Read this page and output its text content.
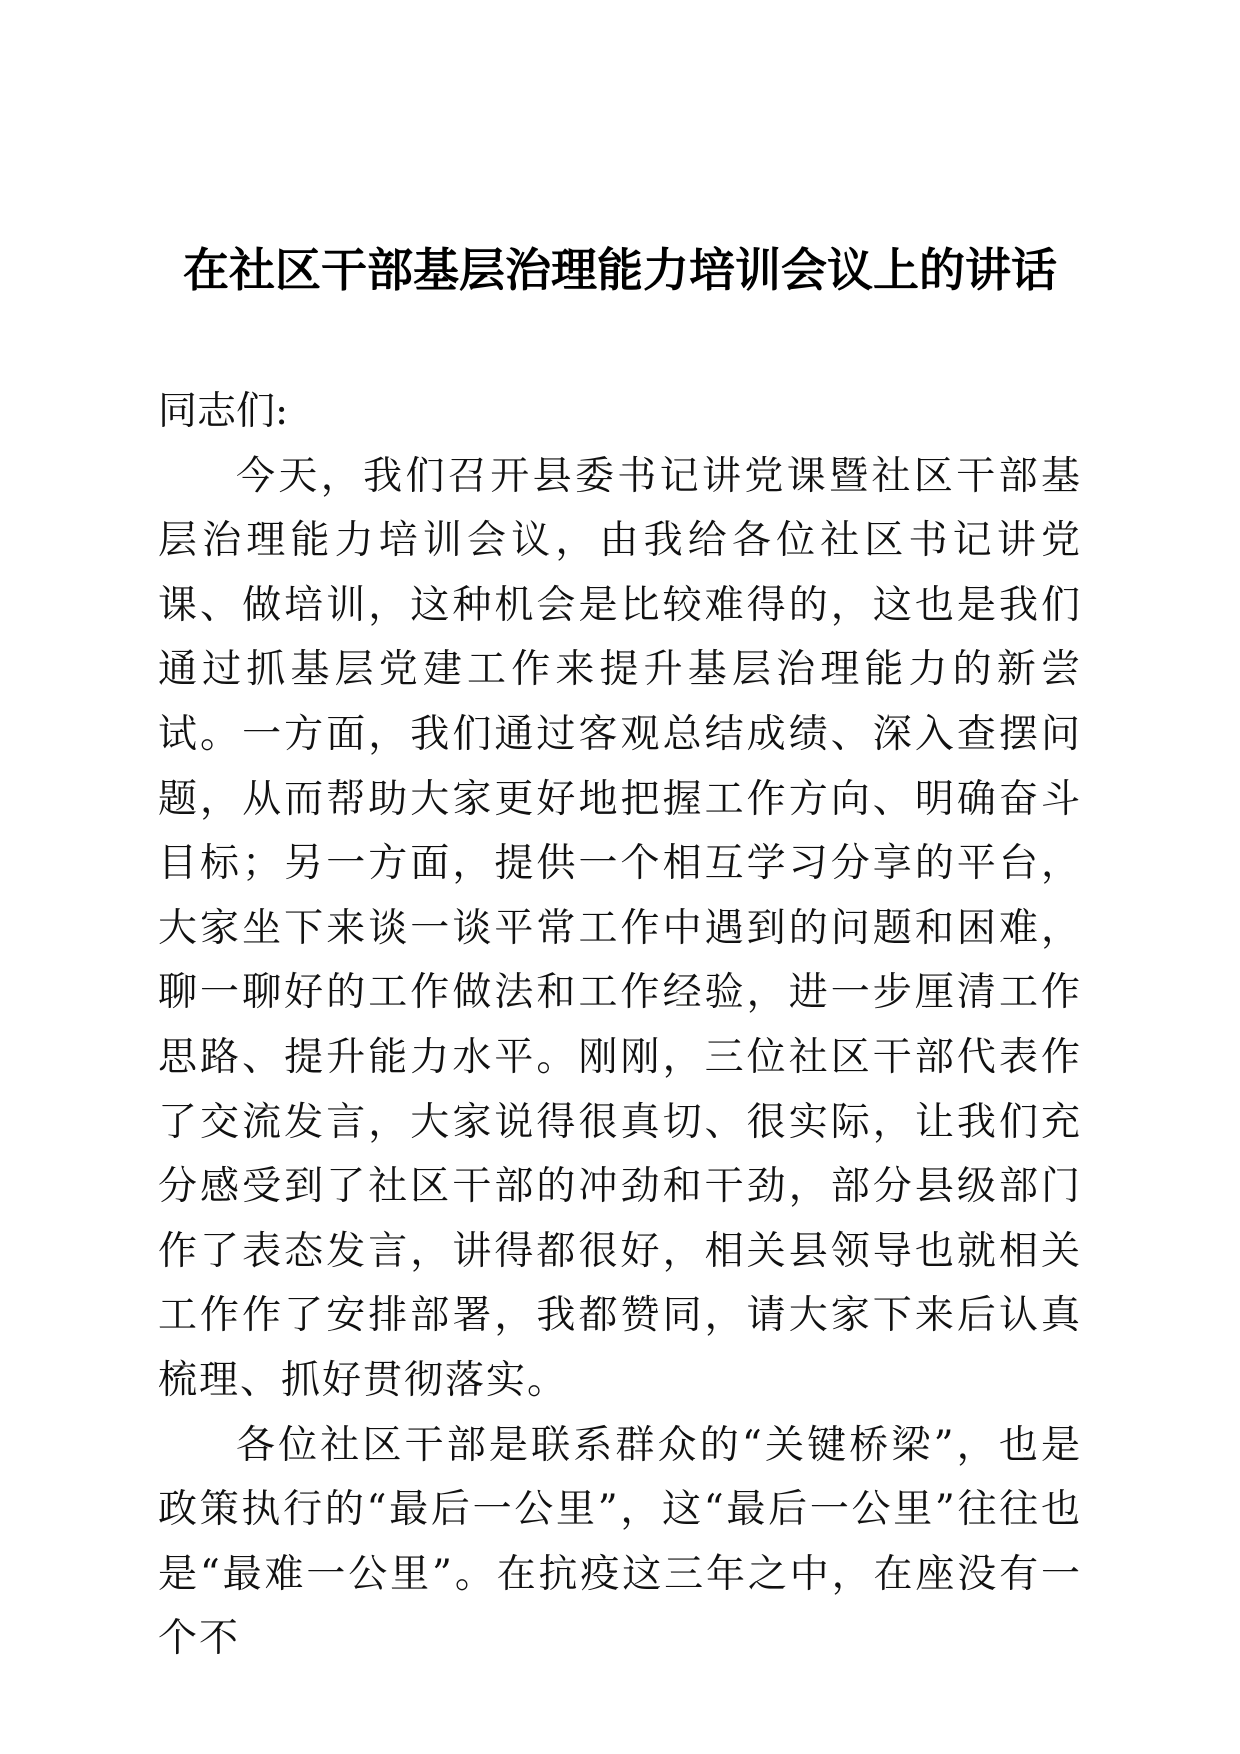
在社区干部基层治理能力培训会议上的讲话

同志们:

今天，我们召开县委书记讲党课暨社区干部基层治理能力培训会议，由我给各位社区书记讲党课、做培训，这种机会是比较难得的，这也是我们通过抓基层党建工作来提升基层治理能力的新尝试。一方面，我们通过客观总结成绩、深入查摆问题，从而帮助大家更好地把握工作方向、明确奋斗目标；另一方面，提供一个相互学习分享的平台，大家坐下来谈一谈平常工作中遇到的问题和困难，聊一聊好的工作做法和工作经验，进一步厘清工作思路、提升能力水平。刚刚，三位社区干部代表作了交流发言，大家说得很真切、很实际，让我们充分感受到了社区干部的冲劲和干劲，部分县级部门作了表态发言，讲得都很好，相关县领导也就相关工作作了安排部署，我都赞同，请大家下来后认真梳理、抓好贯彻落实。

各位社区干部是联系群众的“关键桥梁”，也是政策执行的“最后一公里”，这“最后一公里”往往也是“最难一公里”。在抗疫这三年之中，在座没有一个不
